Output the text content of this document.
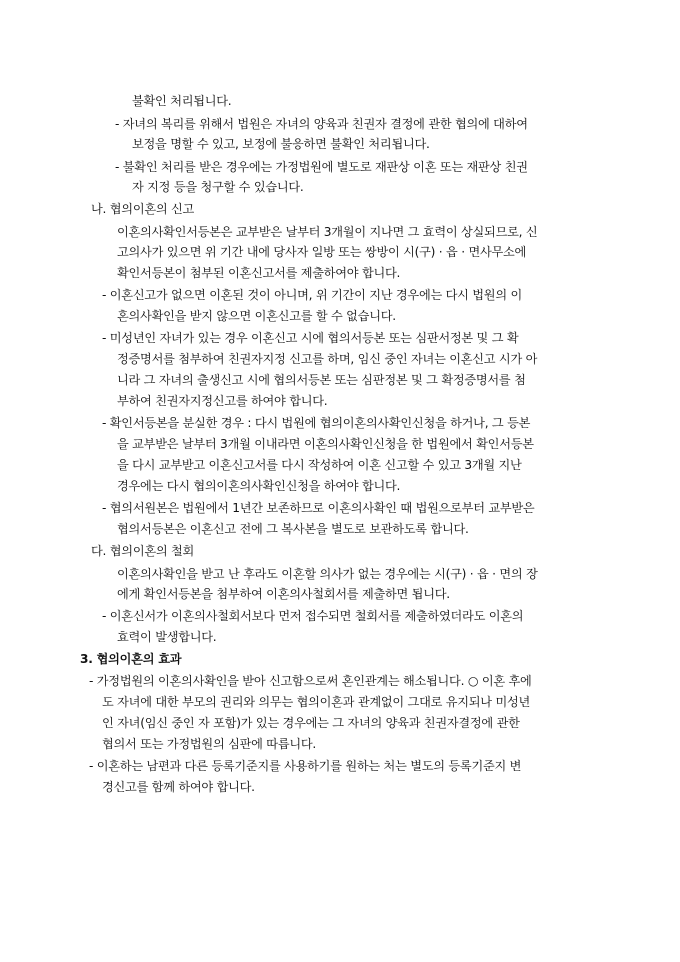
불확인 처리됩니다.
- 자녀의 복리를 위해서 법원은 자녀의 양육과 친권자 결정에 관한 협의에 대하여
보정을 명할 수 있고, 보정에 불응하면 불확인 처리됩니다.
- 불확인 처리를 받은 경우에는 가정법원에 별도로 재판상 이혼 또는 재판상 친권
자 지정 등을 청구할 수 있습니다.
나. 협의이혼의 신고
이혼의사확인서등본은 교부받은 날부터 3개월이 지나면 그 효력이 상실되므로, 신
고의사가 있으면 위 기간 내에 당사자 일방 또는 쌍방이 시(구) · 읍 · 면사무소에
확인서등본이 첨부된 이혼신고서를 제출하여야 합니다.
- 이혼신고가 없으면 이혼된 것이 아니며, 위 기간이 지난 경우에는 다시 법원의 이
혼의사확인을 받지 않으면 이혼신고를 할 수 없습니다.
- 미성년인 자녀가 있는 경우 이혼신고 시에 협의서등본 또는 심판서정본 및 그 확
정증명서를 첨부하여 친권자지정 신고를 하며, 임신 중인 자녀는 이혼신고 시가 아
니라 그 자녀의 출생신고 시에 협의서등본 또는 심판정본 및 그 확정증명서를 첨
부하여 친권자지정신고를 하여야 합니다.
- 확인서등본을 분실한 경우 : 다시 법원에 협의이혼의사확인신청을 하거나, 그 등본
을 교부받은 날부터 3개월 이내라면 이혼의사확인신청을 한 법원에서 확인서등본
을 다시 교부받고 이혼신고서를 다시 작성하여 이혼 신고할 수 있고 3개월 지난
경우에는 다시 협의이혼의사확인신청을 하여야 합니다.
- 협의서원본은 법원에서 1년간 보존하므로 이혼의사확인 때 법원으로부터 교부받은
협의서등본은 이혼신고 전에 그 복사본을 별도로 보관하도록 합니다.
다. 협의이혼의 철회
이혼의사확인을 받고 난 후라도 이혼할 의사가 없는 경우에는 시(구) · 읍 · 면의 장
에게 확인서등본을 첨부하여 이혼의사철회서를 제출하면 됩니다.
- 이혼신서가 이혼의사철회서보다 먼저 접수되면 철회서를 제출하였더라도 이혼의
효력이 발생합니다.
3. 협의이혼의 효과
- 가정법원의 이혼의사확인을 받아 신고함으로써 혼인관계는 해소됩니다. ○ 이혼 후에
도 자녀에 대한 부모의 권리와 의무는 협의이혼과 관계없이 그대로 유지되나 미성년
인 자녀(임신 중인 자 포함)가 있는 경우에는 그 자녀의 양육과 친권자결정에 관한
협의서 또는 가정법원의 심판에 따릅니다.
- 이혼하는 남편과 다른 등록기준지를 사용하기를 원하는 처는 별도의 등록기준지 변
경신고를 함께 하여야 합니다.
